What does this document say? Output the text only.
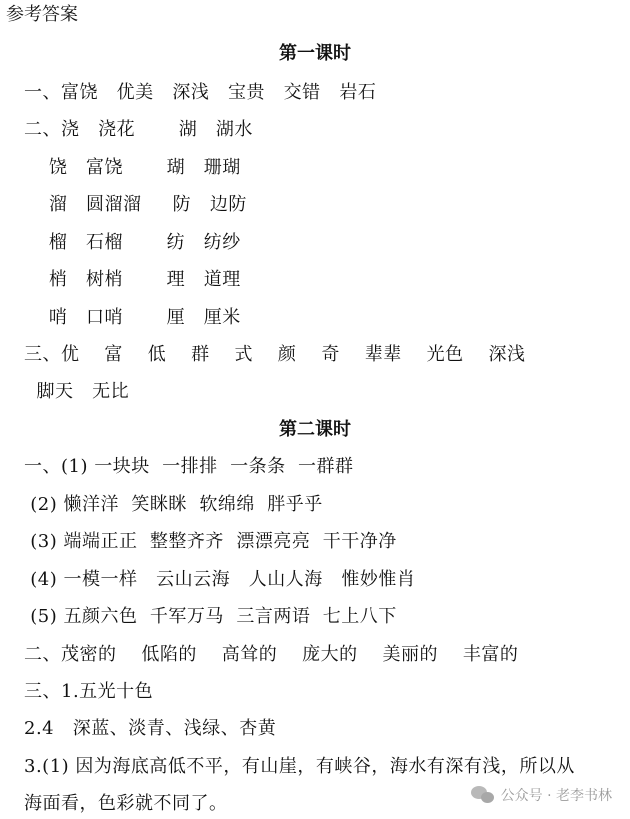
参考答案
第一课时
一、富饶   优美   深浅   宝贵   交错   岩石
二、浇   浇花       湖   湖水
饶   富饶       瑚   珊瑚
溜   圆溜溜     防   边防
榴   石榴       纺   纺纱
梢   树梢       理   道理
哨   口哨       厘   厘米
三、优    富    低    群    式    颜    奇    辈辈    光色    深浅
脚天   无比
第二课时
一、(1) 一块块  一排排  一条条  一群群
(2) 懒洋洋  笑眯眯  软绵绵  胖乎乎
(3) 端端正正  整整齐齐  漂漂亮亮  干干净净
(4) 一模一样   云山云海   人山人海   惟妙惟肖
(5) 五颜六色  千军万马  三言两语  七上八下
二、茂密的    低陷的    高耸的    庞大的    美丽的    丰富的
三、1.五光十色
2.4   深蓝、淡青、浅绿、杏黄
3.(1) 因为海底高低不平，有山崖，有峡谷，海水有深有浅，所以从
海面看，色彩就不同了。	公众号 · 老李书林
